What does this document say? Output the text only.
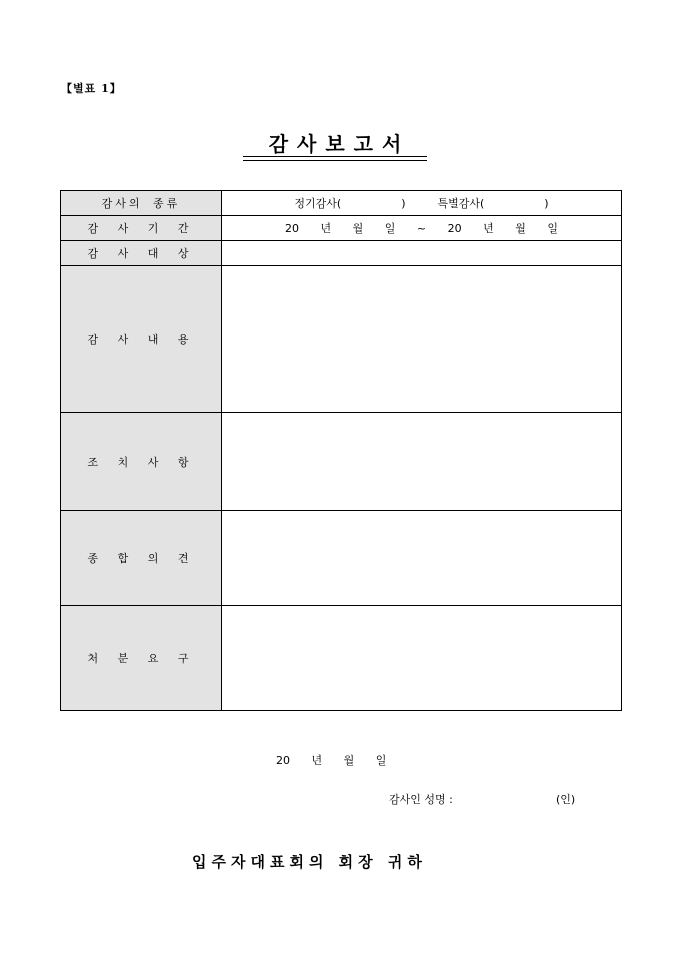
【별표 1】
감사보고서
감사의 종류	정기감사( ) 특별감사( )
감 사 기 간	20 년 월 일 ~ 20 년 월 일
감 사 대 상	
감 사 내 용	
조 치 사 항	
종 합 의 견	
처 분 요 구	
20 년 월 일
감사인 성명 :	(인)
입주자대표회의 회장 귀하
